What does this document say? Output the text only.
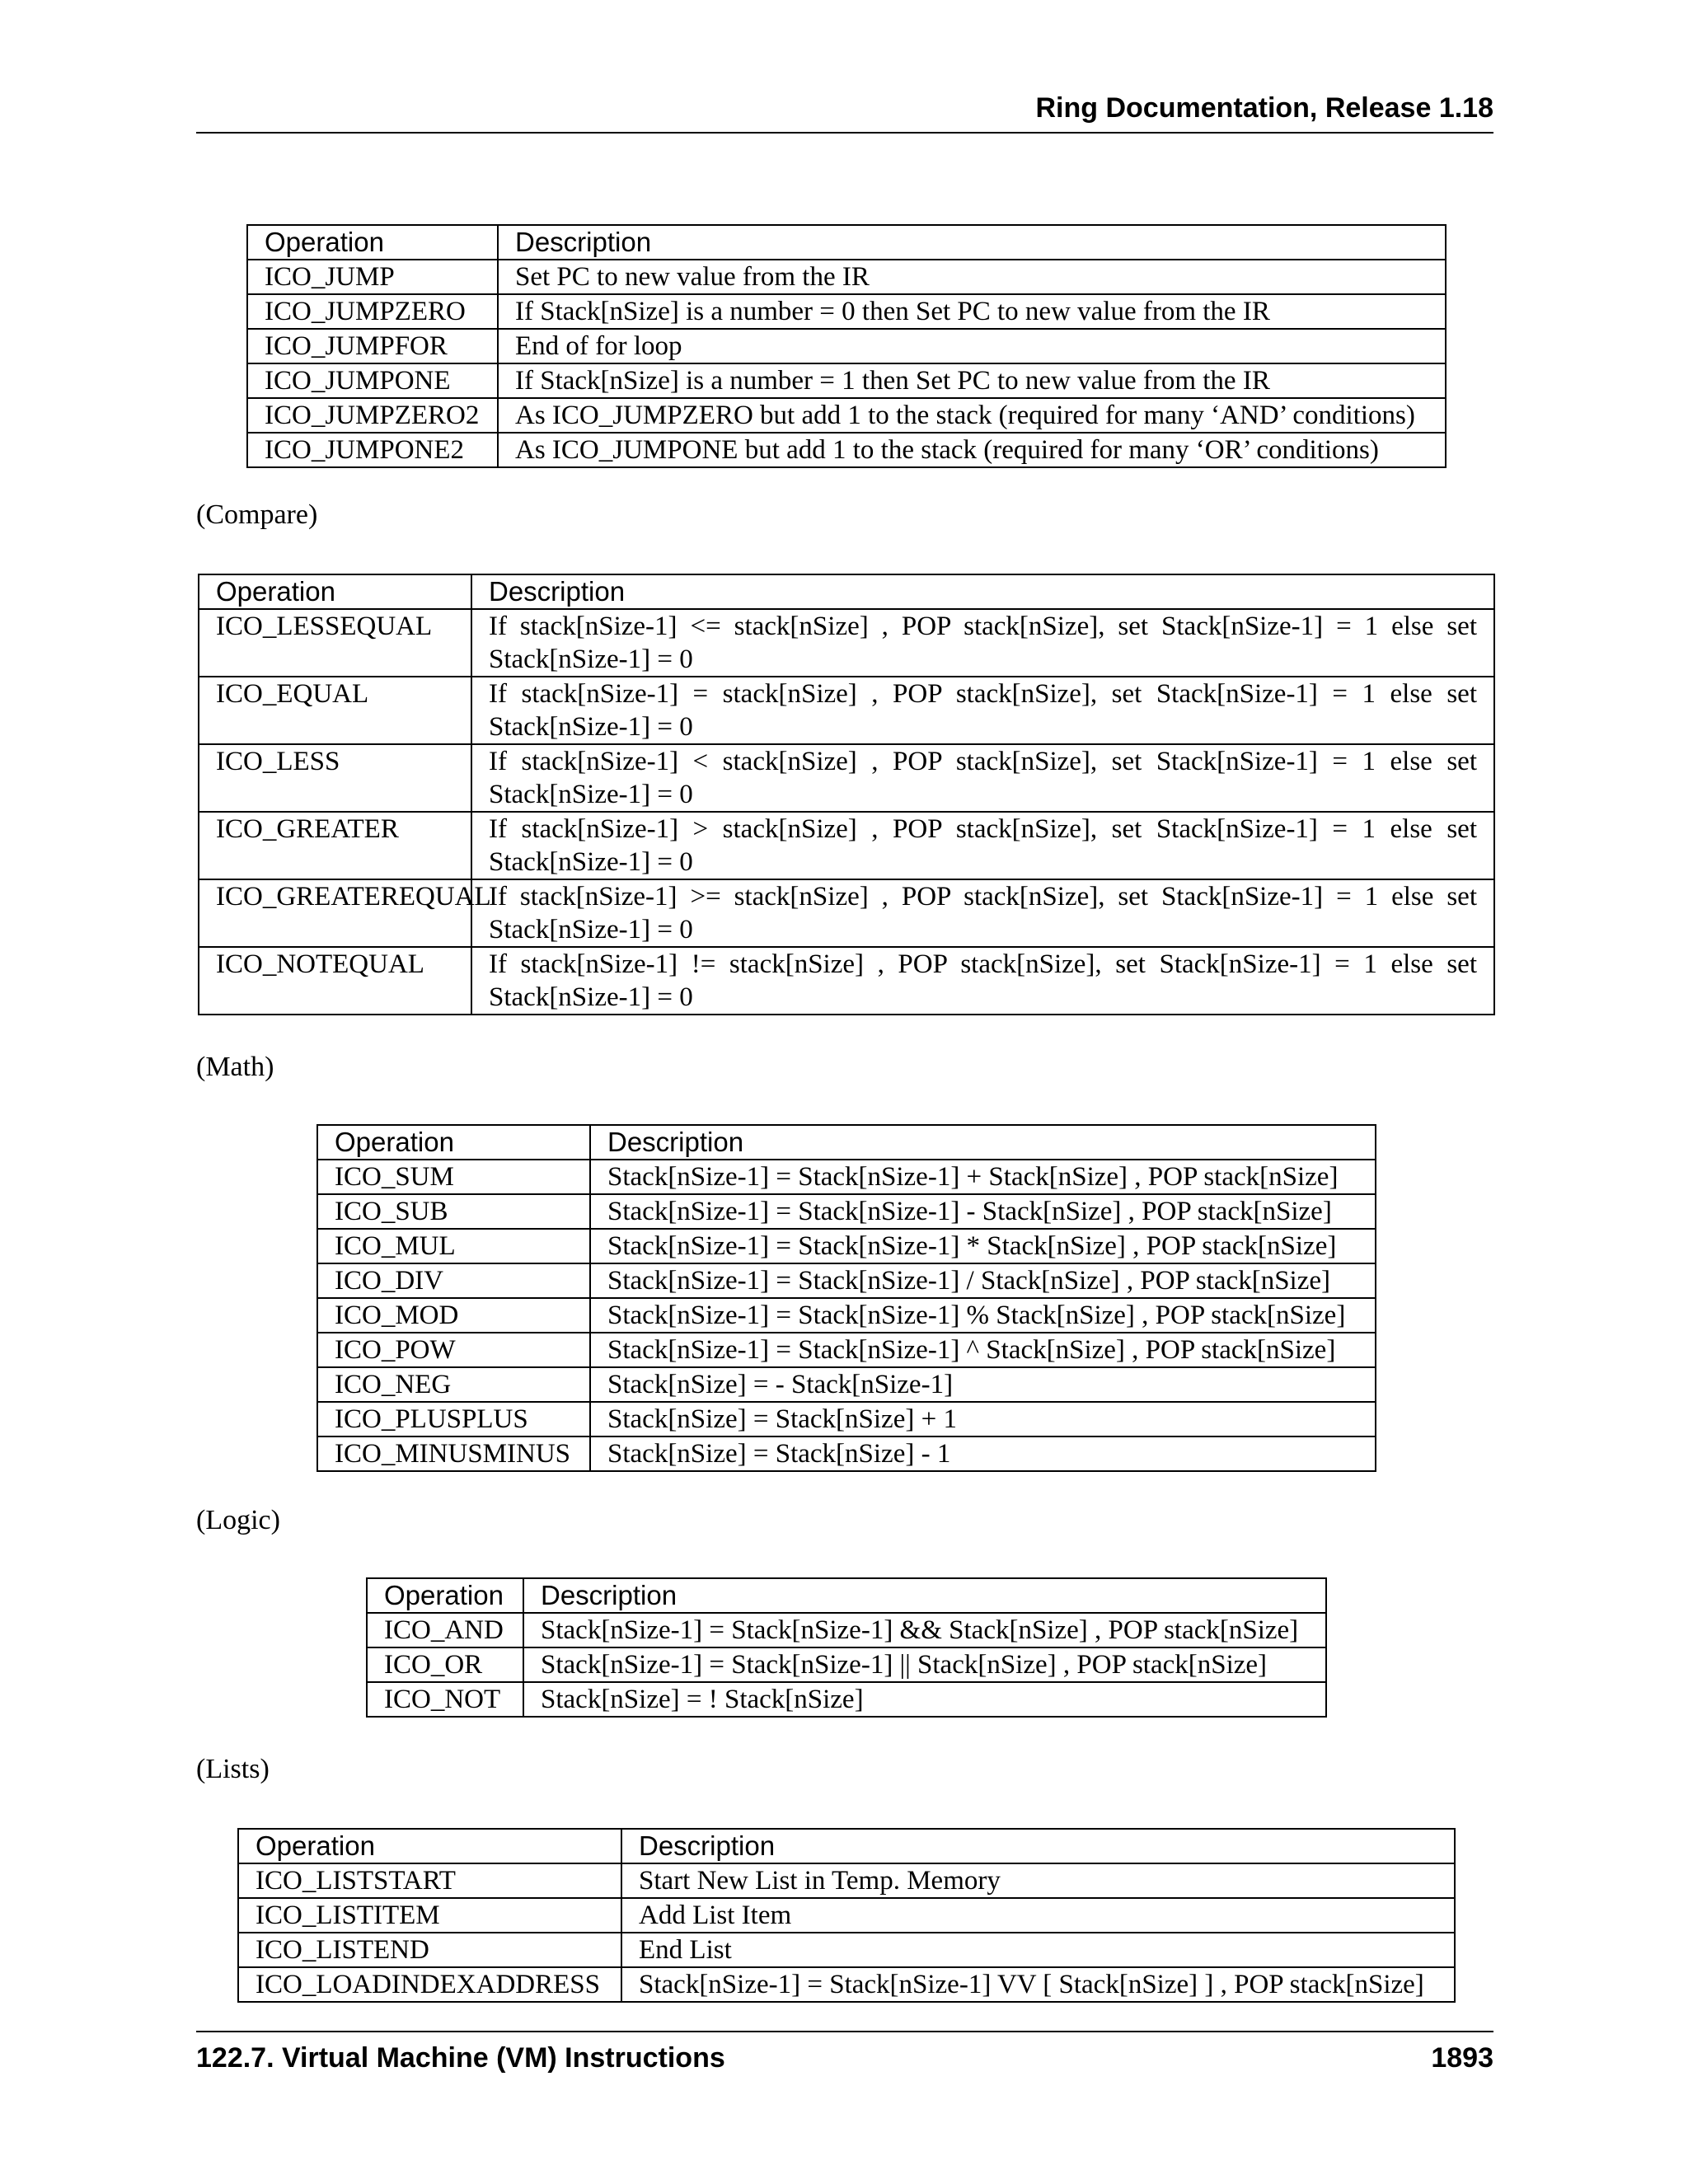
Ring Documentation, Release 1.18
Operation	Description
ICO_JUMP	Set PC to new value from the IR
ICO_JUMPZERO	If Stack[nSize] is a number = 0 then Set PC to new value from the IR
ICO_JUMPFOR	End of for loop
ICO_JUMPONE	If Stack[nSize] is a number = 1 then Set PC to new value from the IR
ICO_JUMPZERO2	As ICO_JUMPZERO but add 1 to the stack (required for many ‘AND’ conditions)
ICO_JUMPONE2	As ICO_JUMPONE but add 1 to the stack (required for many ‘OR’ conditions)
(Compare)
Operation	Description
ICO_LESSEQUAL	If stack[nSize-1] <= stack[nSize] , POP stack[nSize], set Stack[nSize-1] = 1 else set Stack[nSize-1] = 0
ICO_EQUAL	If stack[nSize-1] = stack[nSize] , POP stack[nSize], set Stack[nSize-1] = 1 else set Stack[nSize-1] = 0
ICO_LESS	If stack[nSize-1] < stack[nSize] , POP stack[nSize], set Stack[nSize-1] = 1 else set Stack[nSize-1] = 0
ICO_GREATER	If stack[nSize-1] > stack[nSize] , POP stack[nSize], set Stack[nSize-1] = 1 else set Stack[nSize-1] = 0
ICO_GREATEREQUAL	If stack[nSize-1] >= stack[nSize] , POP stack[nSize], set Stack[nSize-1] = 1 else set Stack[nSize-1] = 0
ICO_NOTEQUAL	If stack[nSize-1] != stack[nSize] , POP stack[nSize], set Stack[nSize-1] = 1 else set Stack[nSize-1] = 0
(Math)
Operation	Description
ICO_SUM	Stack[nSize-1] = Stack[nSize-1] + Stack[nSize] , POP stack[nSize]
ICO_SUB	Stack[nSize-1] = Stack[nSize-1] - Stack[nSize] , POP stack[nSize]
ICO_MUL	Stack[nSize-1] = Stack[nSize-1] * Stack[nSize] , POP stack[nSize]
ICO_DIV	Stack[nSize-1] = Stack[nSize-1] / Stack[nSize] , POP stack[nSize]
ICO_MOD	Stack[nSize-1] = Stack[nSize-1] % Stack[nSize] , POP stack[nSize]
ICO_POW	Stack[nSize-1] = Stack[nSize-1] ^ Stack[nSize] , POP stack[nSize]
ICO_NEG	Stack[nSize] = - Stack[nSize-1]
ICO_PLUSPLUS	Stack[nSize] = Stack[nSize] + 1
ICO_MINUSMINUS	Stack[nSize] = Stack[nSize] - 1
(Logic)
Operation	Description
ICO_AND	Stack[nSize-1] = Stack[nSize-1] && Stack[nSize] , POP stack[nSize]
ICO_OR	Stack[nSize-1] = Stack[nSize-1] || Stack[nSize] , POP stack[nSize]
ICO_NOT	Stack[nSize] = ! Stack[nSize]
(Lists)
Operation	Description
ICO_LISTSTART	Start New List in Temp. Memory
ICO_LISTITEM	Add List Item
ICO_LISTEND	End List
ICO_LOADINDEXADDRESS	Stack[nSize-1] = Stack[nSize-1] VV [ Stack[nSize] ] , POP stack[nSize]
122.7. Virtual Machine (VM) Instructions	1893
